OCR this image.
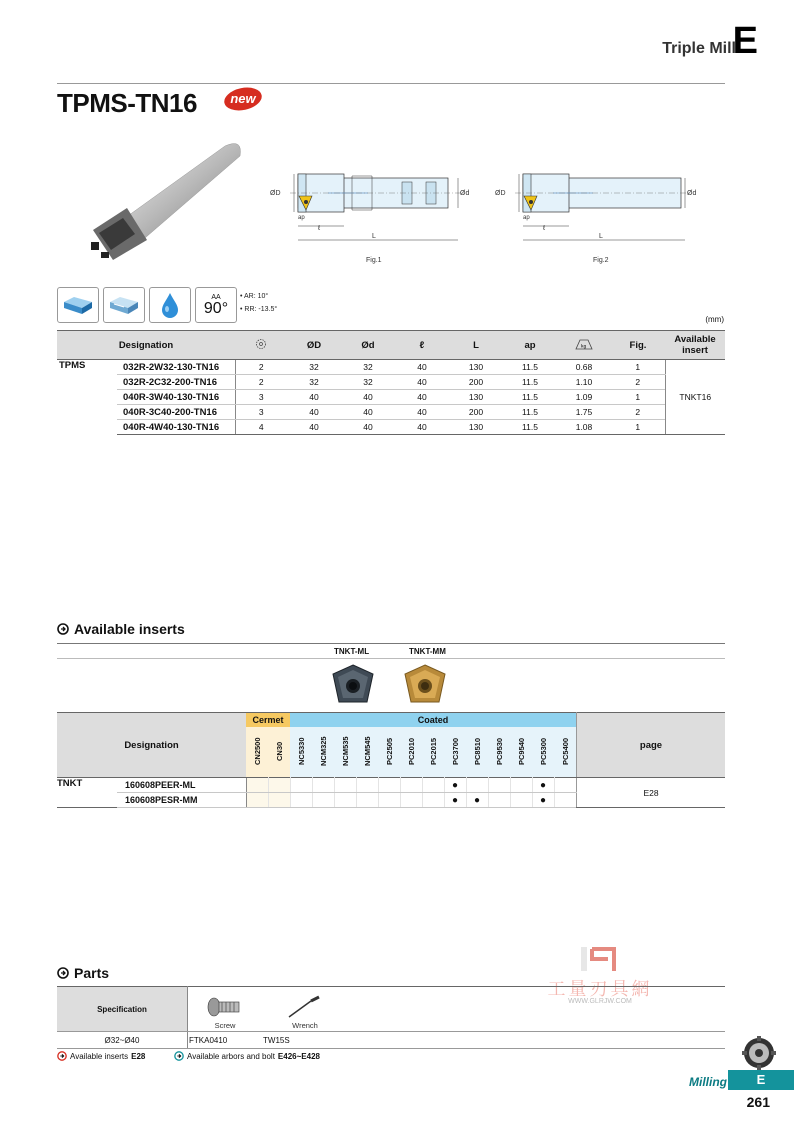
Triple Mill
E
TPMS-TN16	new
ØD	Ød
ap
ℓ
L
Fig.1
ØD	Ød
ap
ℓ
L
Fig.2
AA
90°
• AR: 10°
• RR: -13.5°
(mm)
Designation			ØD	Ød	ℓ	L	ap	kg	Fig.	Available insert
TPMS	032R-2W32-130-TN16	2	32	32	40	130	11.5	0.68	1	TNKT16
	032R-2C32-200-TN16	2	32	32	40	200	11.5	1.10	2	
	040R-3W40-130-TN16	3	40	40	40	130	11.5	1.09	1	
	040R-3C40-200-TN16	3	40	40	40	200	11.5	1.75	2	
	040R-4W40-130-TN16	4	40	40	40	130	11.5	1.08	1	
Available inserts
TNKT-ML	TNKT-MM
Designation		Cermet		Coated													page
		CN2500	CN30	NC5330	NCM325	NCM535	NCM545	PC2505	PC2010	PC2015	PC3700	PC8510	PC9530	PC9540	PC5300	PC5400	
TNKT	160608PEER-ML										●				●		E28
	160608PESR-MM										●	●			●		
Parts
工量刃具網
WWW.GLRJW.COM
Specification	Screw	Wrench	

Ø32~Ø40	FTKA0410	TW15S	
Available inserts E28	Available arbors and bolt E426~E428
Milling	E
261
